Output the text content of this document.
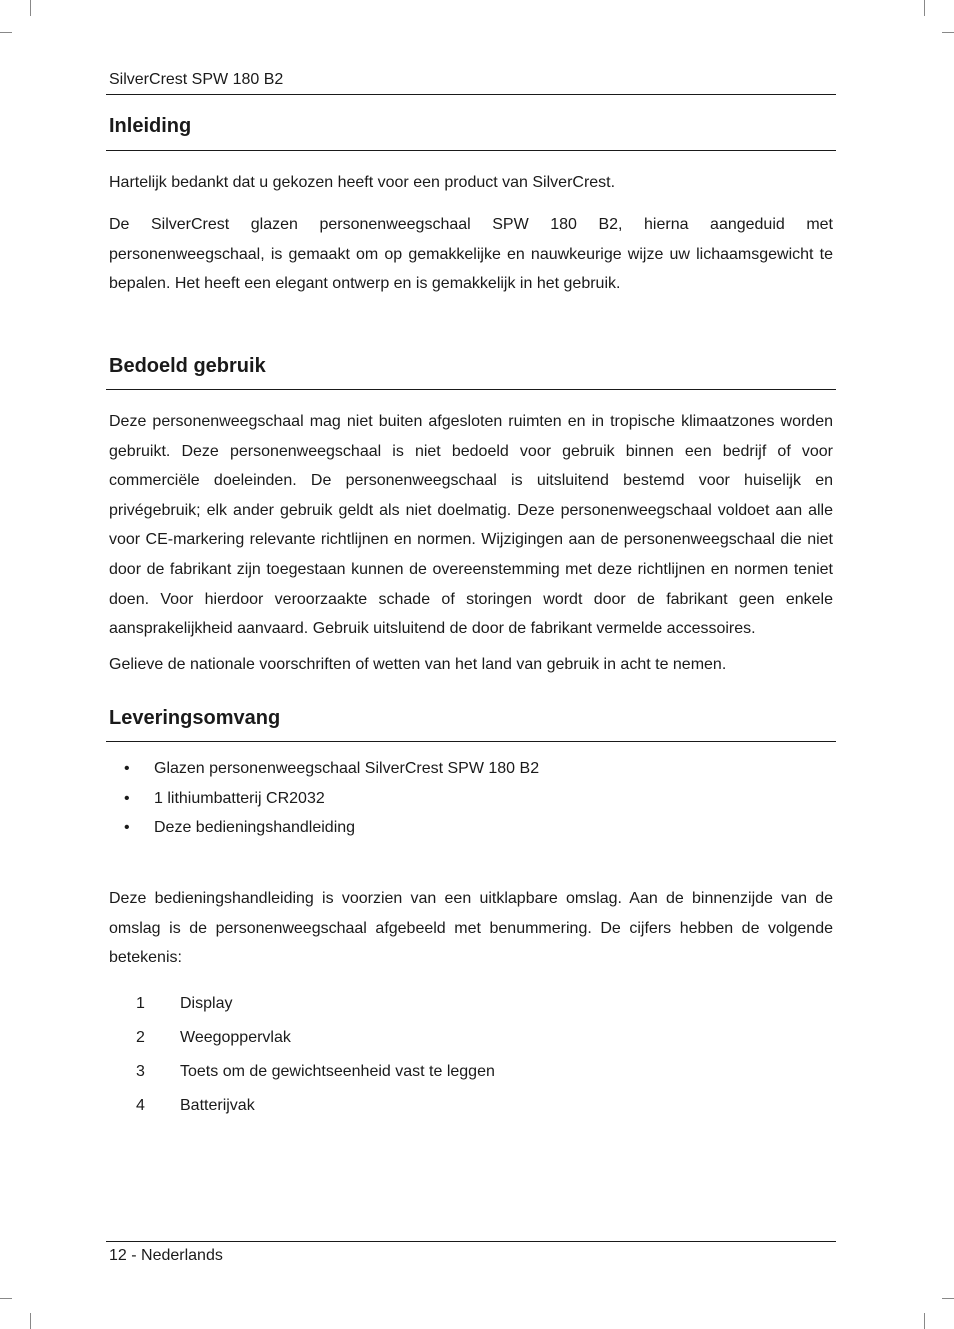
SilverCrest SPW 180 B2
Inleiding

Hartelijk bedankt dat u gekozen heeft voor een product van SilverCrest.

De SilverCrest glazen personenweegschaal SPW 180 B2, hierna aangeduid met personenweegschaal, is gemaakt om op gemakkelijke en nauwkeurige wijze uw lichaamsgewicht te bepalen. Het heeft een elegant ontwerp en is gemakkelijk in het gebruik.

Bedoeld gebruik

Deze personenweegschaal mag niet buiten afgesloten ruimten en in tropische klimaatzones worden gebruikt. Deze personenweegschaal is niet bedoeld voor gebruik binnen een bedrijf of voor commerciële doeleinden. De personenweegschaal is uitsluitend bestemd voor huiselijk en privégebruik; elk ander gebruik geldt als niet doelmatig. Deze personenweegschaal voldoet aan alle voor CE-markering relevante richtlijnen en normen. Wijzigingen aan de personenweegschaal die niet door de fabrikant zijn toegestaan kunnen de overeenstemming met deze richtlijnen en normen teniet doen. Voor hierdoor veroorzaakte schade of storingen wordt door de fabrikant geen enkele aansprakelijkheid aanvaard. Gebruik uitsluitend de door de fabrikant vermelde accessoires.

Gelieve de nationale voorschriften of wetten van het land van gebruik in acht te nemen.

Leveringsomvang
• Glazen personenweegschaal SilverCrest SPW 180 B2
• 1 lithiumbatterij CR2032
• Deze bedieningshandleiding

Deze bedieningshandleiding is voorzien van een uitklapbare omslag. Aan de binnenzijde van de omslag is de personenweegschaal afgebeeld met benummering. De cijfers hebben de volgende betekenis:

1 Display
2 Weegoppervlak
3 Toets om de gewichtseenheid vast te leggen
4 Batterijvak
12 - Nederlands
